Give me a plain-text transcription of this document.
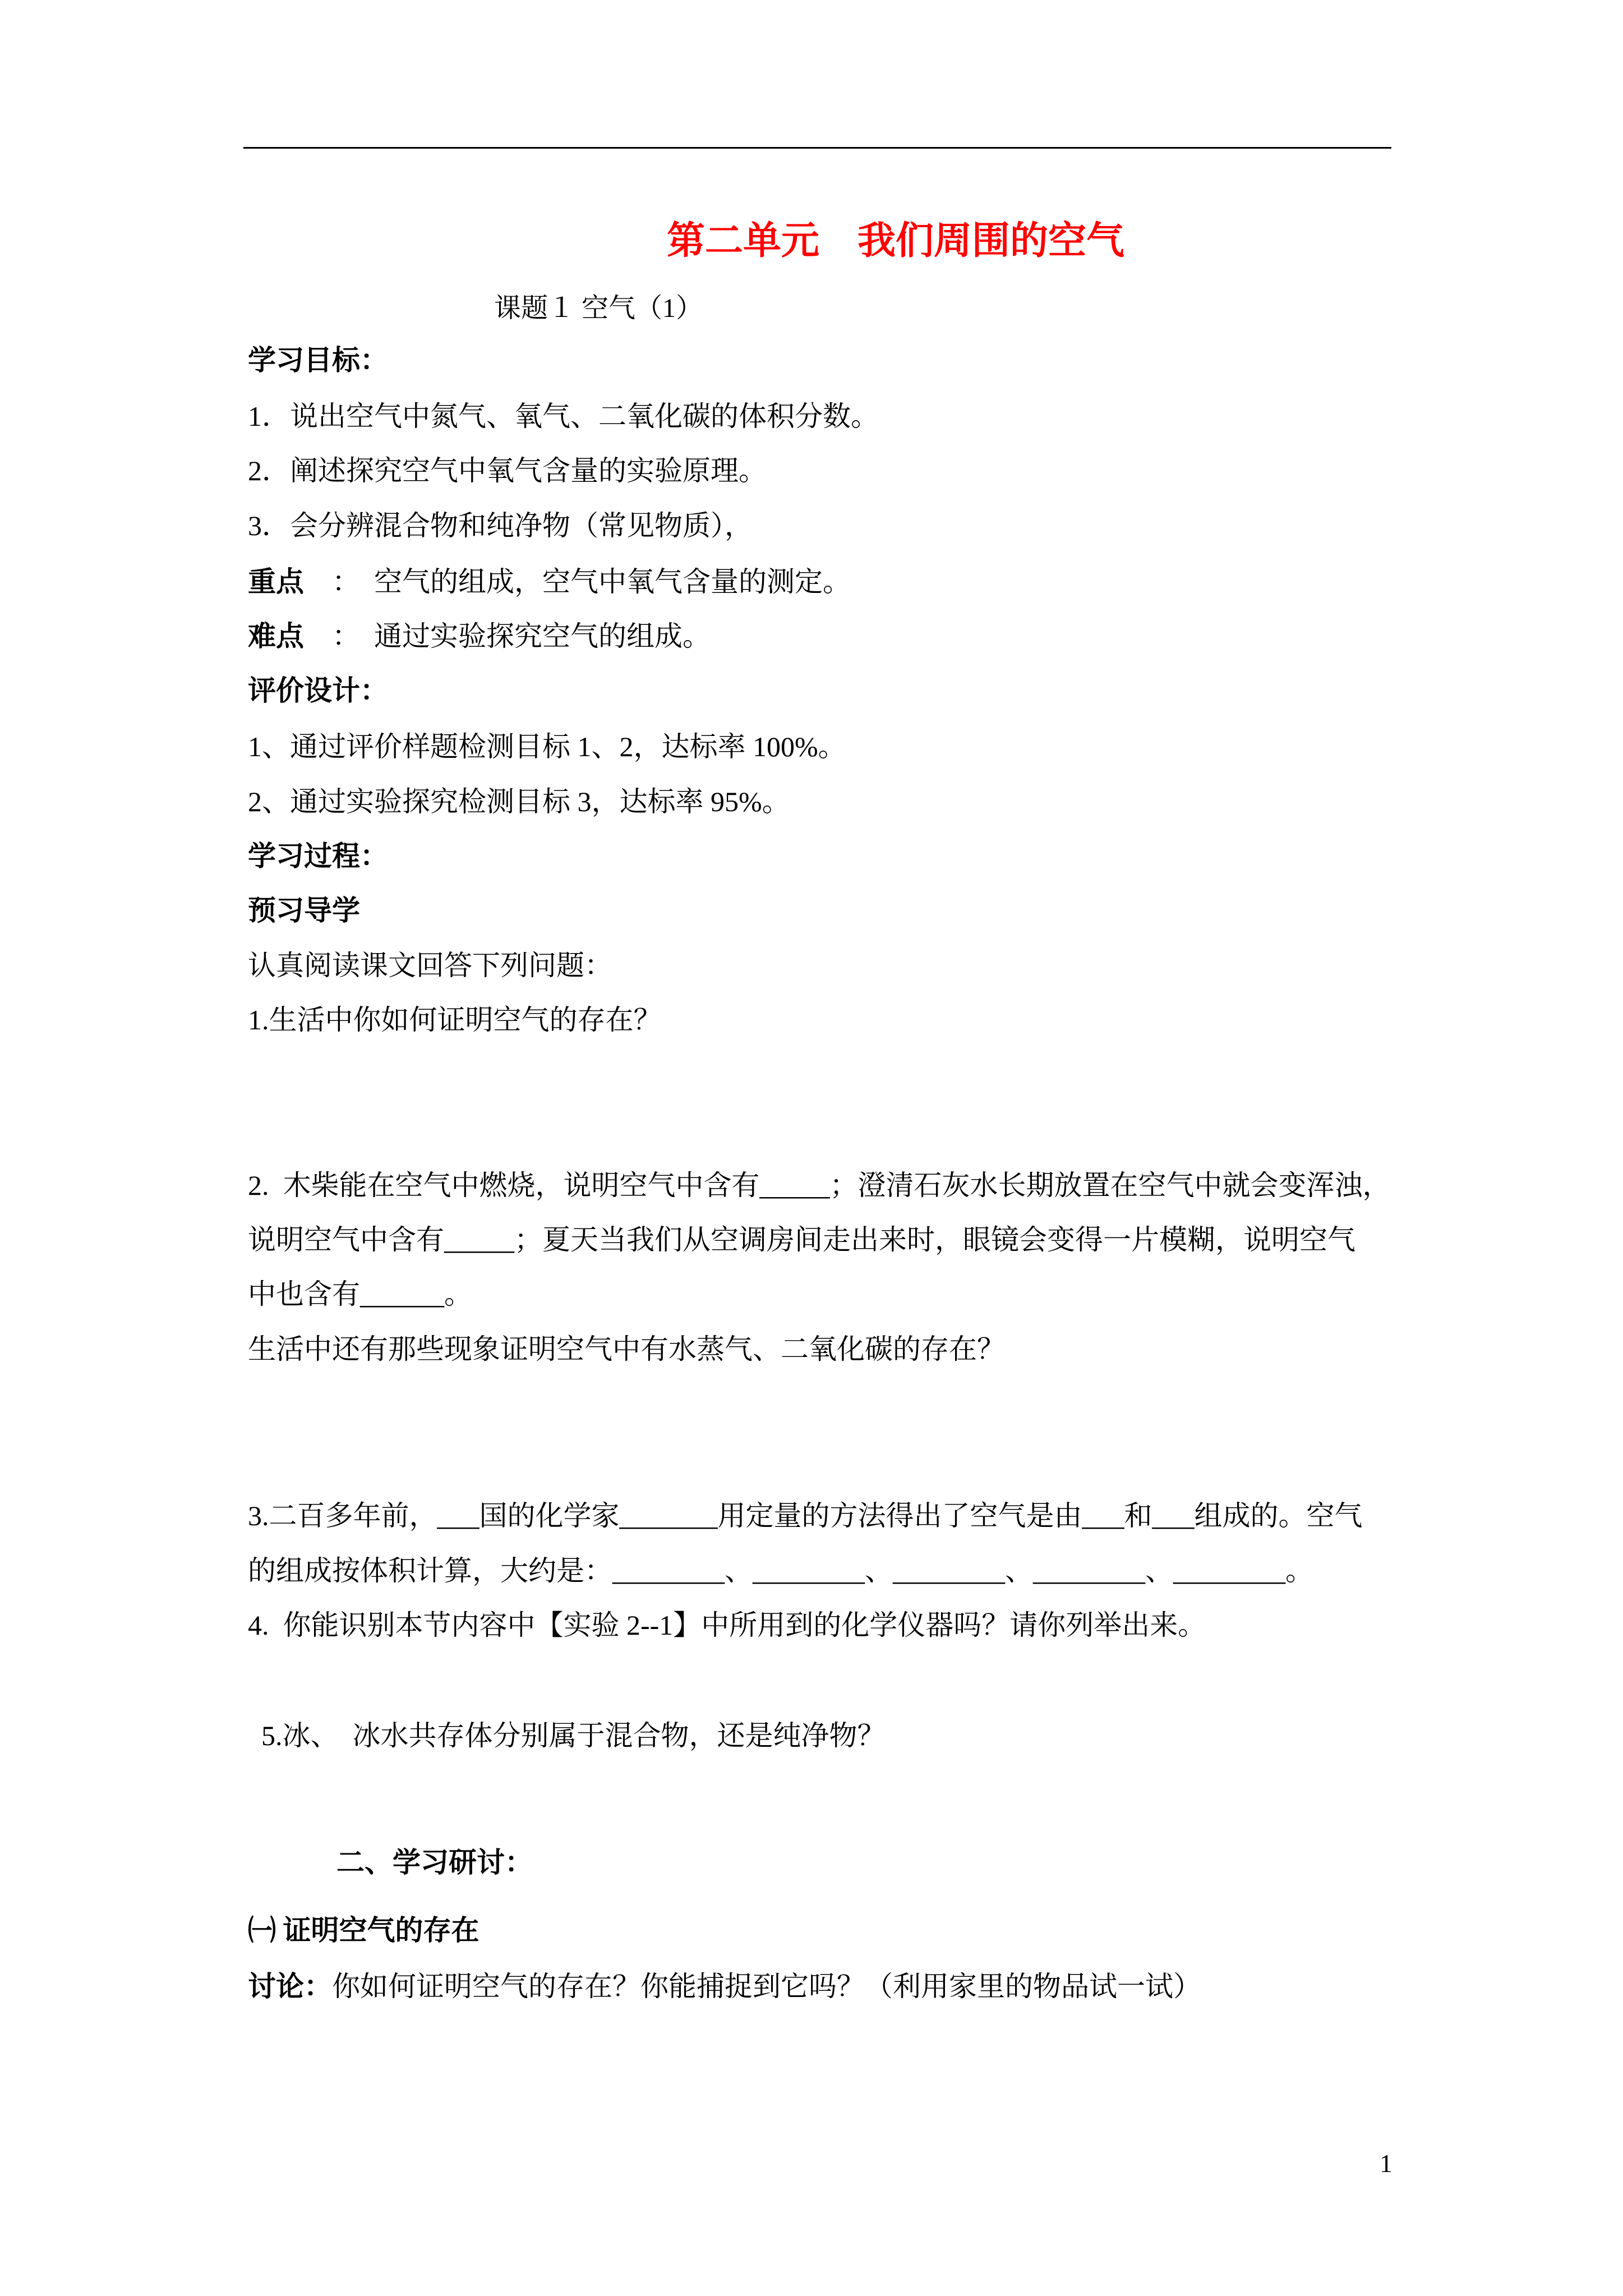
第二单元　我们周围的空气
课题１ 空气（1）
学习目标：
1．说出空气中氮气、氧气、二氧化碳的体积分数。
2．阐述探究空气中氧气含量的实验原理。
3．会分辨混合物和纯净物（常见物质），
重点　：　空气的组成，空气中氧气含量的测定。
难点　：　通过实验探究空气的组成。
评价设计：
1、通过评价样题检测目标 1、2，达标率 100%。
2、通过实验探究检测目标 3，达标率 95%。
学习过程：
预习导学
认真阅读课文回答下列问题：
1.生活中你如何证明空气的存在？
2.  木柴能在空气中燃烧，说明空气中含有_____；澄清石灰水长期放置在空气中就会变浑浊，
说明空气中含有_____；夏天当我们从空调房间走出来时，眼镜会变得一片模糊，说明空气
中也含有______。
生活中还有那些现象证明空气中有水蒸气、二氧化碳的存在？
3.二百多年前，___国的化学家_______用定量的方法得出了空气是由___和___组成的。空气
的组成按体积计算，大约是：________、________、________、________、________。
4.  你能识别本节内容中【实验 2--1】中所用到的化学仪器吗？请你列举出来。
5.冰、  冰水共存体分别属于混合物，还是纯净物？
二、学习研讨：
㈠ 证明空气的存在
讨论：你如何证明空气的存在？你能捕捉到它吗？（利用家里的物品试一试）
1
